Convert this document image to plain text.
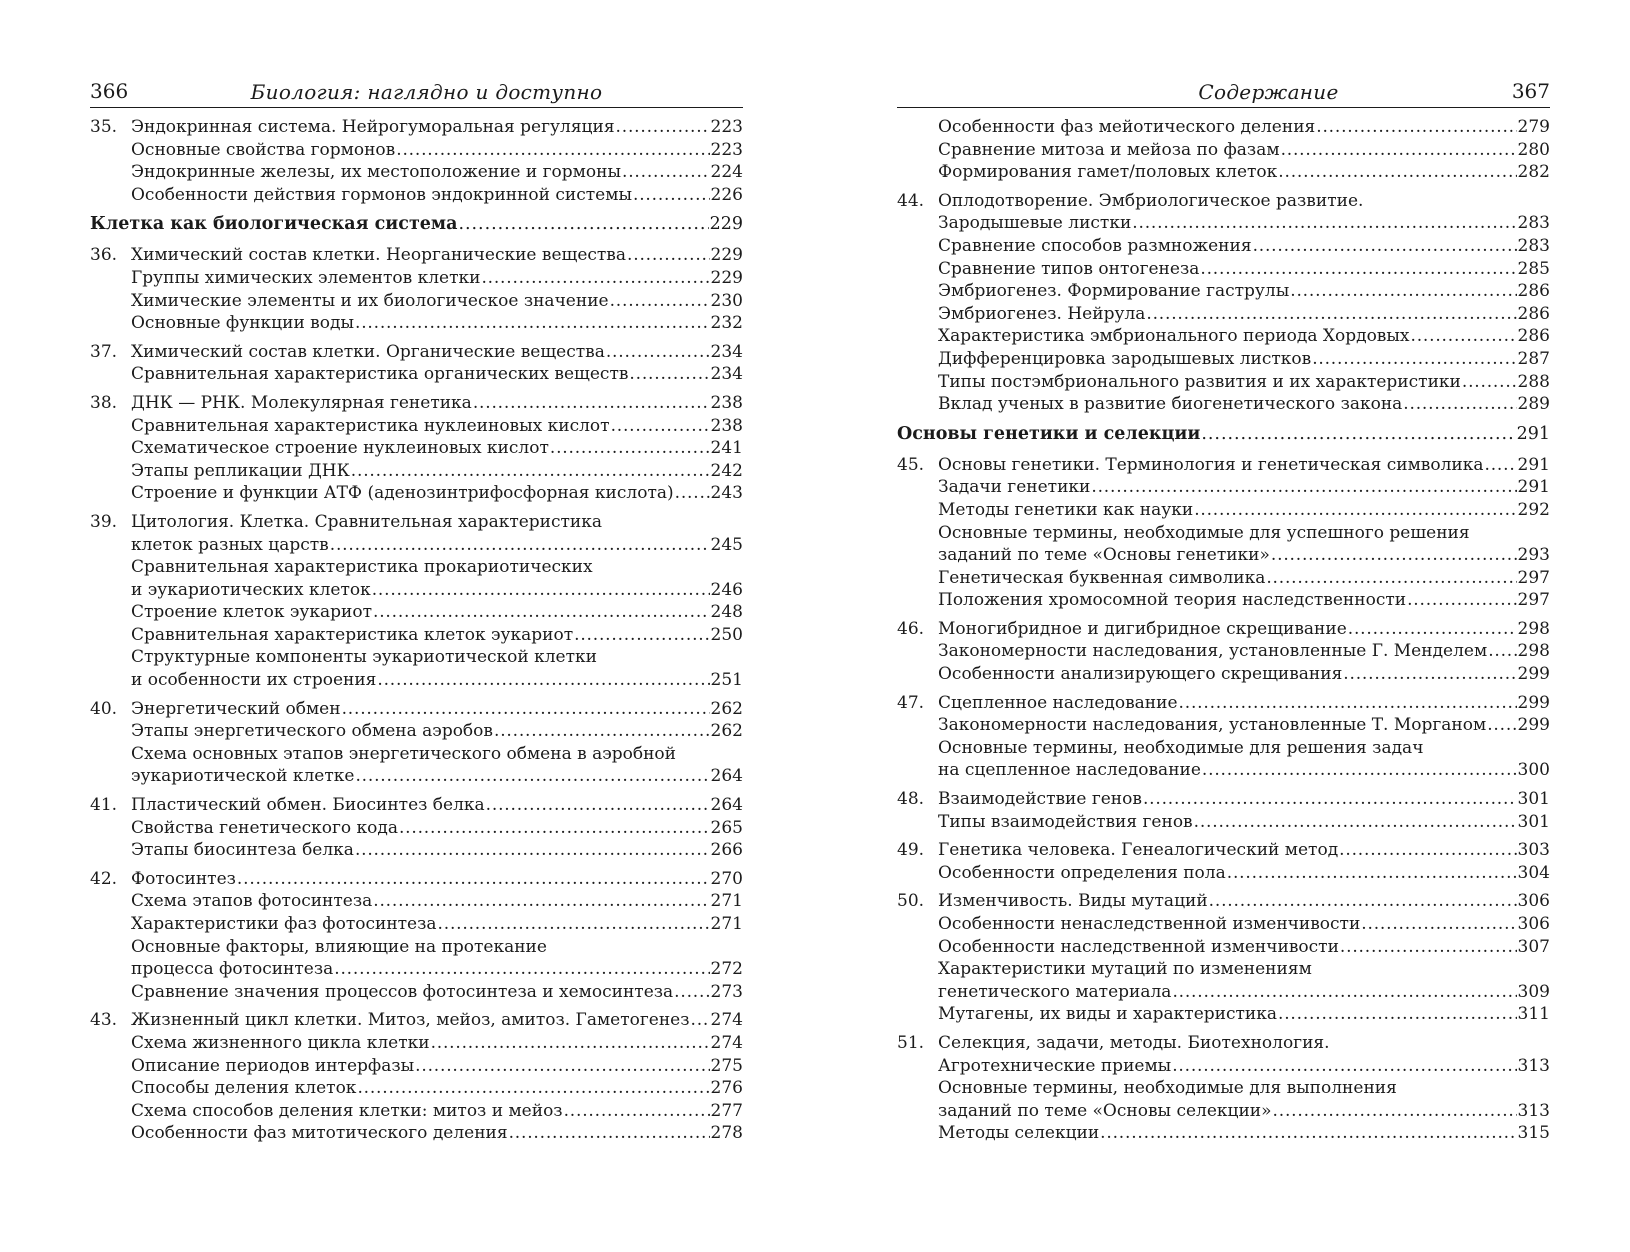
366	Биология: наглядно и доступно
35. Эндокринная система. Нейрогуморальная регуляция . . .	223
Основные свойства гормонов . . .	223
Эндокринные железы, их местоположение и гормоны . . .	224
Особенности действия гормонов эндокринной системы . . .	226
Клетка как биологическая система . . .	229
36. Химический состав клетки. Неорганические вещества . . .	229
Группы химических элементов клетки . . .	229
Химические элементы и их биологическое значение . . .	230
Основные функции воды . . .	232
37. Химический состав клетки. Органические вещества . . .	234
Сравнительная характеристика органических веществ . . .	234
38. ДНК — РНК. Молекулярная генетика . . .	238
Сравнительная характеристика нуклеиновых кислот . . .	238
Схематическое строение нуклеиновых кислот . . .	241
Этапы репликации ДНК . . .	242
Строение и функции АТФ (аденозинтрифосфорная кислота) . . . 243
39. Цитология. Клетка. Сравнительная характеристика
клеток разных царств . . .	245
Сравнительная характеристика прокариотических
и эукариотических клеток . . .	246
Строение клеток эукариот . . .	248
Сравнительная характеристика клеток эукариот . . .	250
Структурные компоненты эукариотической клетки
и особенности их строения . . .	251
40. Энергетический обмен . . .	262
Этапы энергетического обмена аэробов . . .	262
Схема основных этапов энергетического обмена в аэробной
эукариотической клетке . . .	264
41. Пластический обмен. Биосинтез белка . . .	264
Свойства генетического кода . . .	265
Этапы биосинтеза белка . . .	266
42. Фотосинтез . . .	270
Схема этапов фотосинтеза . . .	271
Характеристики фаз фотосинтеза . . .	271
Основные факторы, влияющие на протекание
процесса фотосинтеза . . .	272
Сравнение значения процессов фотосинтеза и хемосинтеза . . . 273
43. Жизненный цикл клетки. Митоз, мейоз, амитоз. Гаметогенез . . . 274
Схема жизненного цикла клетки . . .	274
Описание периодов интерфазы . . .	275
Способы деления клеток . . .	276
Схема способов деления клетки: митоз и мейоз . . .	277
Особенности фаз митотического деления . . .	278
Содержание	367
Особенности фаз мейотического деления . . .	279
Сравнение митоза и мейоза по фазам . . .	280
Формирования гамет/половых клеток . . .	282
44. Оплодотворение. Эмбриологическое развитие.
Зародышевые листки . . .	283
Сравнение способов размножения . . .	283
Сравнение типов онтогенеза . . .	285
Эмбриогенез. Формирование гаструлы . . .	286
Эмбриогенез. Нейрула . . .	286
Характеристика эмбрионального периода Хордовых . . .	286
Дифференцировка зародышевых листков . . .	287
Типы постэмбрионального развития и их характеристики . . .	288
Вклад ученых в развитие биогенетического закона . . .	289
Основы генетики и селекции . . .	291
45. Основы генетики. Терминология и генетическая символика . . . 291
Задачи генетики . . .	291
Методы генетики как науки . . .	292
Основные термины, необходимые для успешного решения
заданий по теме «Основы генетики» . . .	293
Генетическая буквенная символика . . .	297
Положения хромосомной теория наследственности . . .	297
46. Моногибридное и дигибридное скрещивание . . .	298
Закономерности наследования, установленные Г. Менделем . . . 298
Особенности анализирующего скрещивания . . .	299
47. Сцепленное наследование . . .	299
Закономерности наследования, установленные Т. Морганом . . . 299
Основные термины, необходимые для решения задач
на сцепленное наследование . . .	300
48. Взаимодействие генов . . .	301
Типы взаимодействия генов . . .	301
49. Генетика человека. Генеалогический метод . . .	303
Особенности определения пола . . .	304
50. Изменчивость. Виды мутаций . . .	306
Особенности ненаследственной изменчивости . . .	306
Особенности наследственной изменчивости . . .	307
Характеристики мутаций по изменениям
генетического материала . . .	309
Мутагены, их виды и характеристика . . .	311
51. Селекция, задачи, методы. Биотехнология.
Агротехнические приемы . . .	313
Основные термины, необходимые для выполнения
заданий по теме «Основы селекции» . . .	313
Методы селекции . . .	315
